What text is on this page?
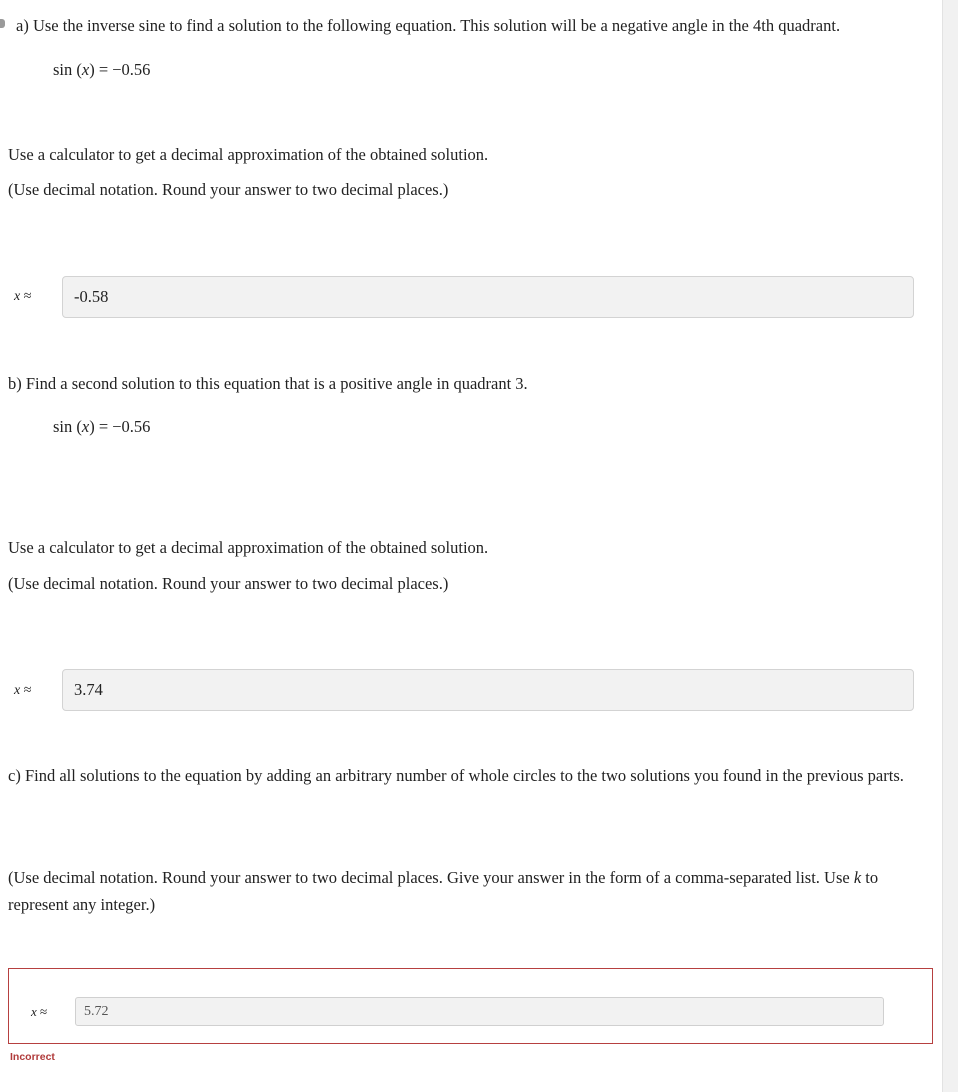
a) Use the inverse sine to find a solution to the following equation. This solution will be a negative angle in the 4th quadrant.
sin (x) = −0.56
Use a calculator to get a decimal approximation of the obtained solution.
(Use decimal notation. Round your answer to two decimal places.)
x ≈	-0.58
b) Find a second solution to this equation that is a positive angle in quadrant 3.
sin (x) = −0.56
Use a calculator to get a decimal approximation of the obtained solution.
(Use decimal notation. Round your answer to two decimal places.)
x ≈	3.74
c) Find all solutions to the equation by adding an arbitrary number of whole circles to the two solutions you found in the previous parts.
(Use decimal notation. Round your answer to two decimal places. Give your answer in the form of a comma-separated list. Use k to represent any integer.)
x ≈	5.72
Incorrect
